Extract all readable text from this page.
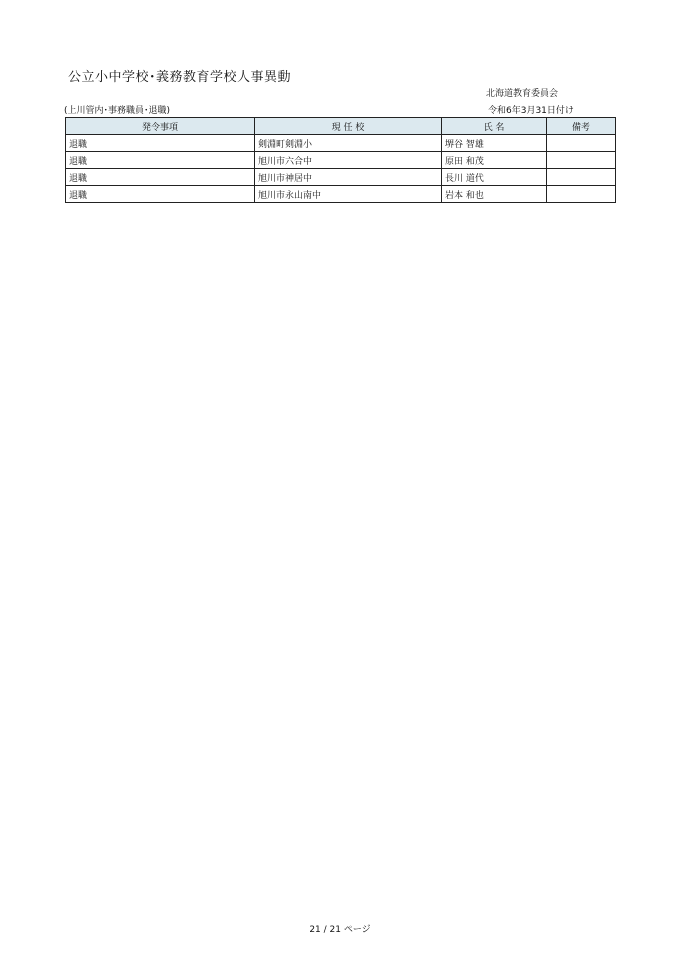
公立小中学校･義務教育学校人事異動
北海道教育委員会
(上川管内･事務職員･退職)	令和6年3月31日付け
発令事項	現 任 校	氏 名	備考
退職	剣淵町剣淵小	堺谷 智雄	
退職	旭川市六合中	原田 和茂	
退職	旭川市神居中	長川 道代	
退職	旭川市永山南中	岩本 和也	
21 / 21 ページ
